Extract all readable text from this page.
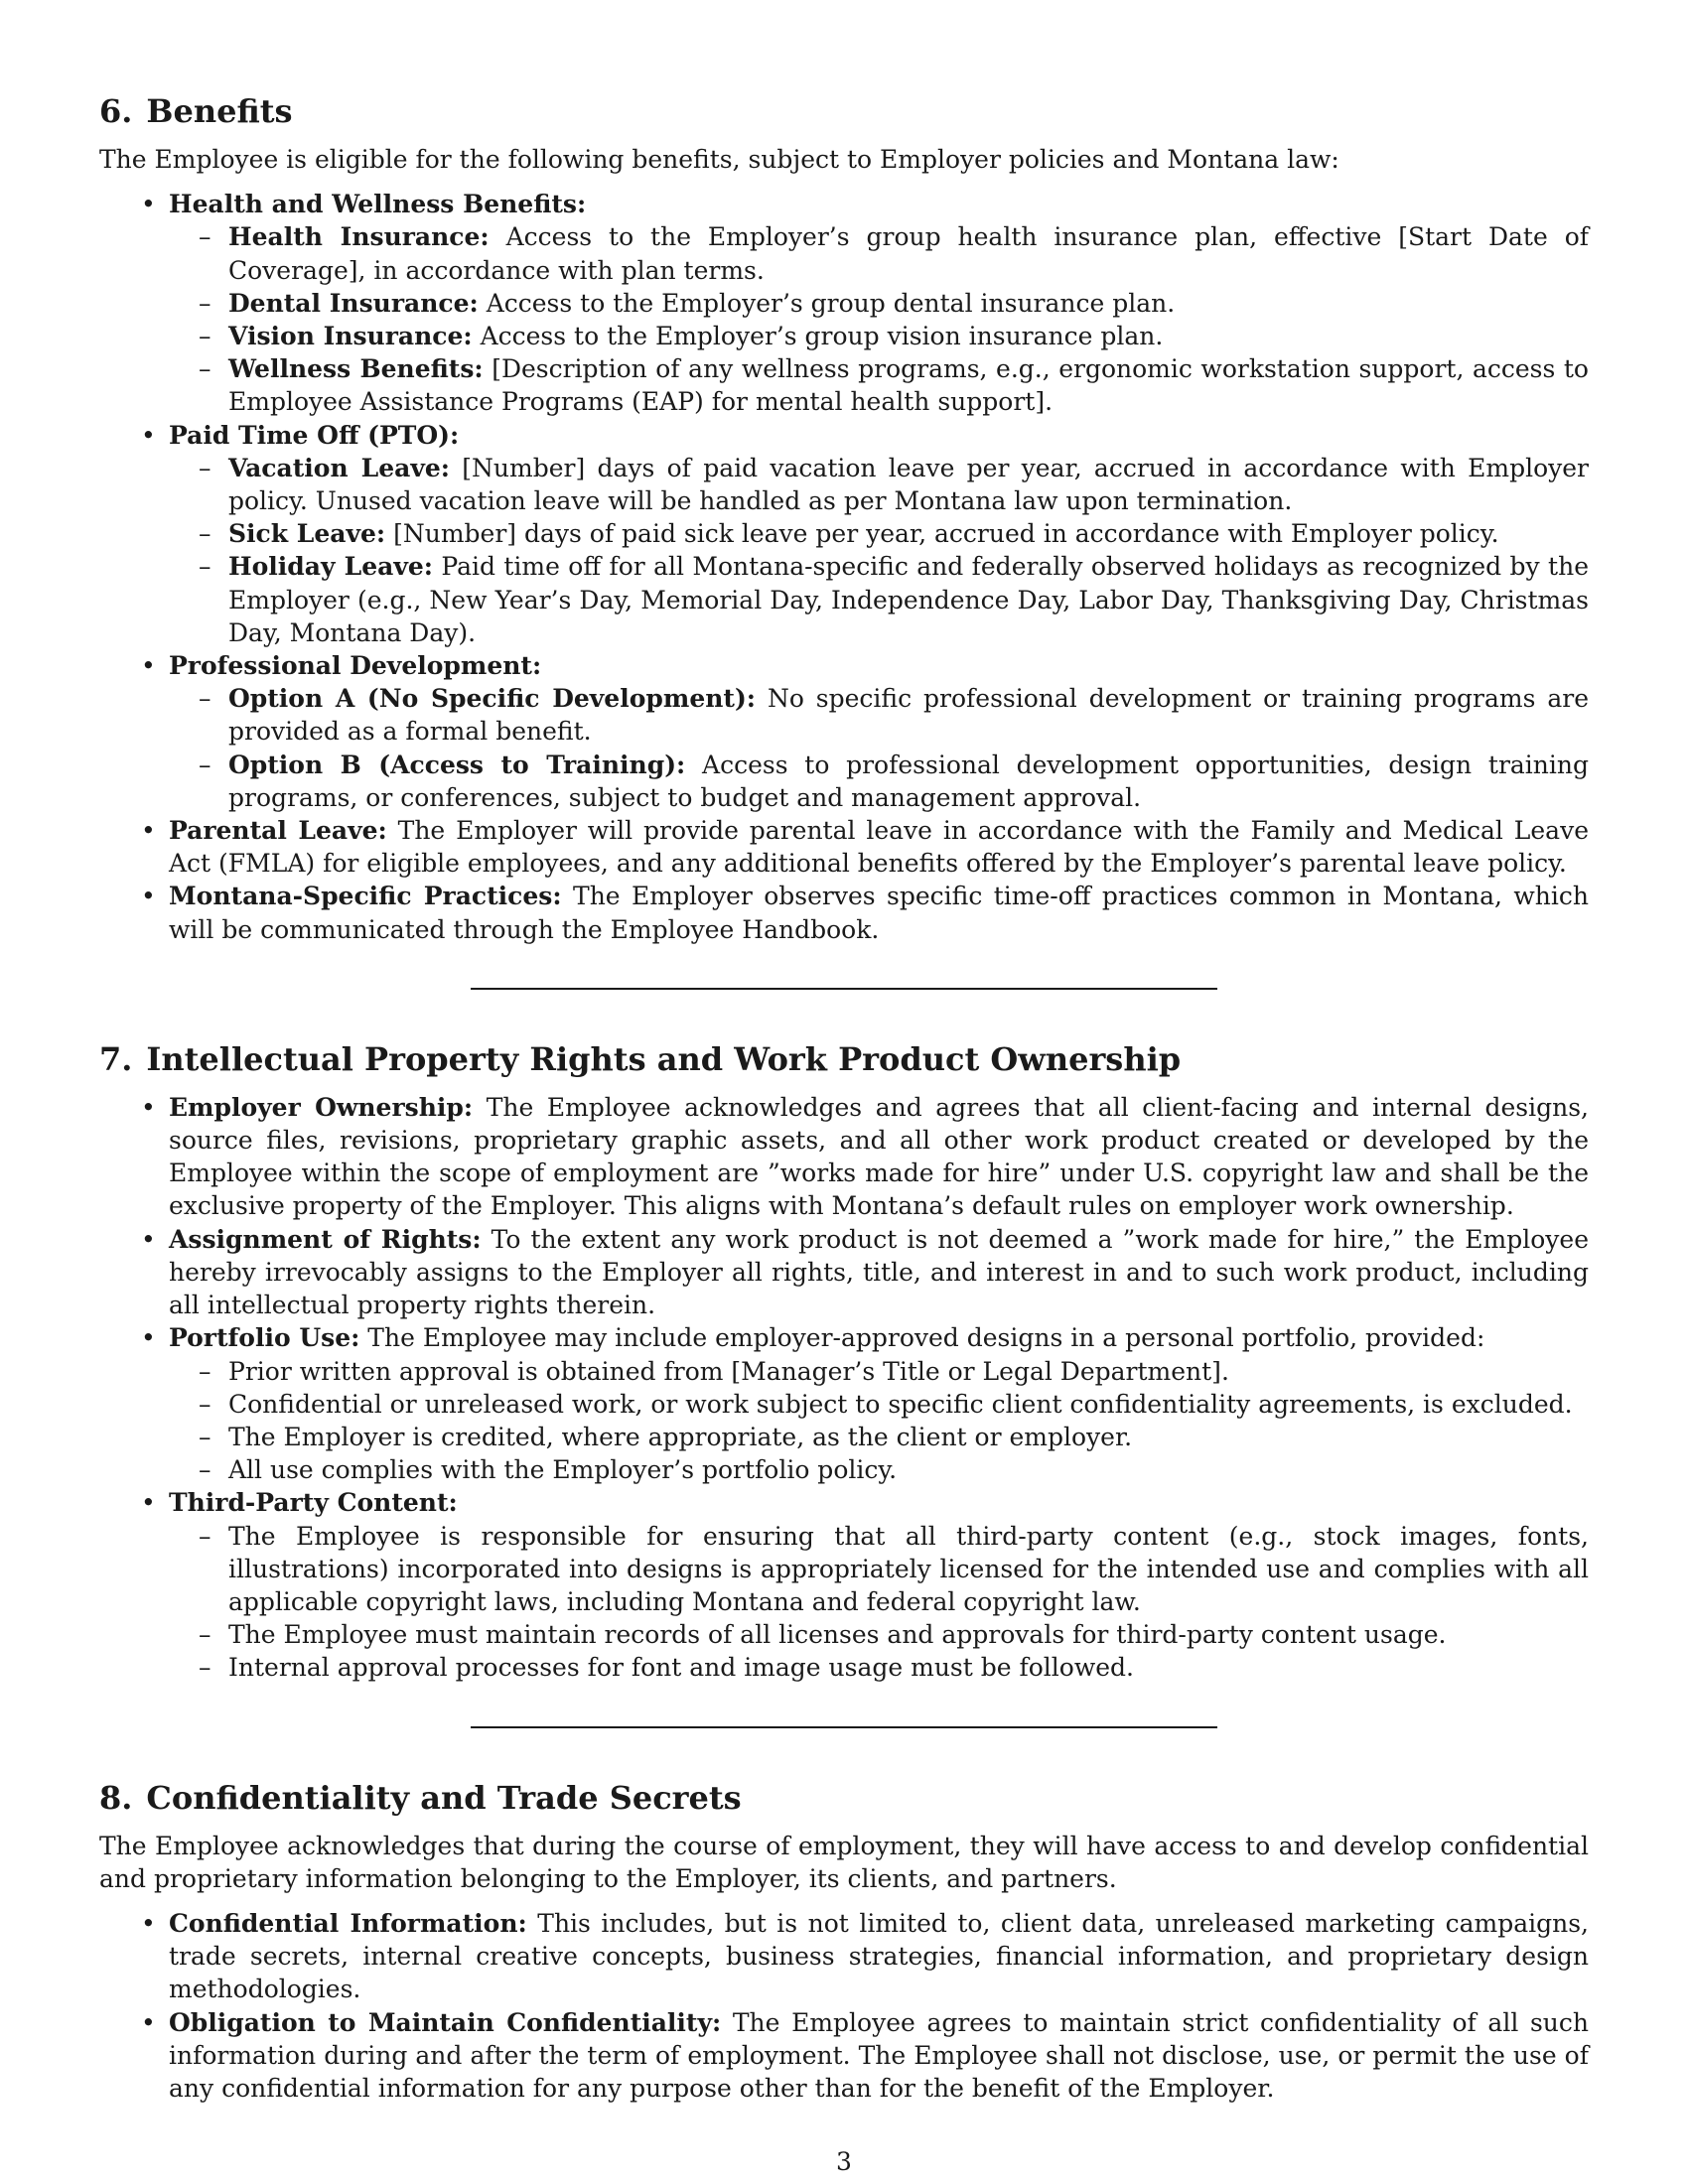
6. Benefits

The Employee is eligible for the following benefits, subject to Employer policies and Montana law:

• Health and Wellness Benefits:
– Health Insurance: Access to the Employer’s group health insurance plan, effective [Start Date of Coverage], in accordance with plan terms.
– Dental Insurance: Access to the Employer’s group dental insurance plan.
– Vision Insurance: Access to the Employer’s group vision insurance plan.
– Wellness Benefits: [Description of any wellness programs, e.g., ergonomic workstation support, access to Employee Assistance Programs (EAP) for mental health support].
• Paid Time Off (PTO):
– Vacation Leave: [Number] days of paid vacation leave per year, accrued in accordance with Employer policy. Unused vacation leave will be handled as per Montana law upon termination.
– Sick Leave: [Number] days of paid sick leave per year, accrued in accordance with Employer policy.
– Holiday Leave: Paid time off for all Montana-specific and federally observed holidays as recognized by the Employer (e.g., New Year’s Day, Memorial Day, Independence Day, Labor Day, Thanksgiving Day, Christmas Day, Montana Day).
• Professional Development:
– Option A (No Specific Development): No specific professional development or training programs are provided as a formal benefit.
– Option B (Access to Training): Access to professional development opportunities, design training programs, or conferences, subject to budget and management approval.
• Parental Leave: The Employer will provide parental leave in accordance with the Family and Medical Leave Act (FMLA) for eligible employees, and any additional benefits offered by the Employer’s parental leave policy.
• Montana-Specific Practices: The Employer observes specific time-off practices common in Montana, which will be communicated through the Employee Handbook.
7. Intellectual Property Rights and Work Product Ownership
• Employer Ownership: The Employee acknowledges and agrees that all client-facing and internal designs, source files, revisions, proprietary graphic assets, and all other work product created or developed by the Employee within the scope of employment are ”works made for hire” under U.S. copyright law and shall be the exclusive property of the Employer. This aligns with Montana’s default rules on employer work ownership.
• Assignment of Rights: To the extent any work product is not deemed a ”work made for hire,” the Employee hereby irrevocably assigns to the Employer all rights, title, and interest in and to such work product, including all intellectual property rights therein.
• Portfolio Use: The Employee may include employer-approved designs in a personal portfolio, provided:
– Prior written approval is obtained from [Manager’s Title or Legal Department].
– Confidential or unreleased work, or work subject to specific client confidentiality agreements, is excluded.
– The Employer is credited, where appropriate, as the client or employer.
– All use complies with the Employer’s portfolio policy.
• Third-Party Content:
– The Employee is responsible for ensuring that all third-party content (e.g., stock images, fonts, illustrations) incorporated into designs is appropriately licensed for the intended use and complies with all applicable copyright laws, including Montana and federal copyright law.
– The Employee must maintain records of all licenses and approvals for third-party content usage.
– Internal approval processes for font and image usage must be followed.
8. Confidentiality and Trade Secrets

The Employee acknowledges that during the course of employment, they will have access to and develop confidential and proprietary information belonging to the Employer, its clients, and partners.

• Confidential Information: This includes, but is not limited to, client data, unreleased marketing campaigns, trade secrets, internal creative concepts, business strategies, financial information, and proprietary design methodologies.
• Obligation to Maintain Confidentiality: The Employee agrees to maintain strict confidentiality of all such information during and after the term of employment. The Employee shall not disclose, use, or permit the use of any confidential information for any purpose other than for the benefit of the Employer.
3
